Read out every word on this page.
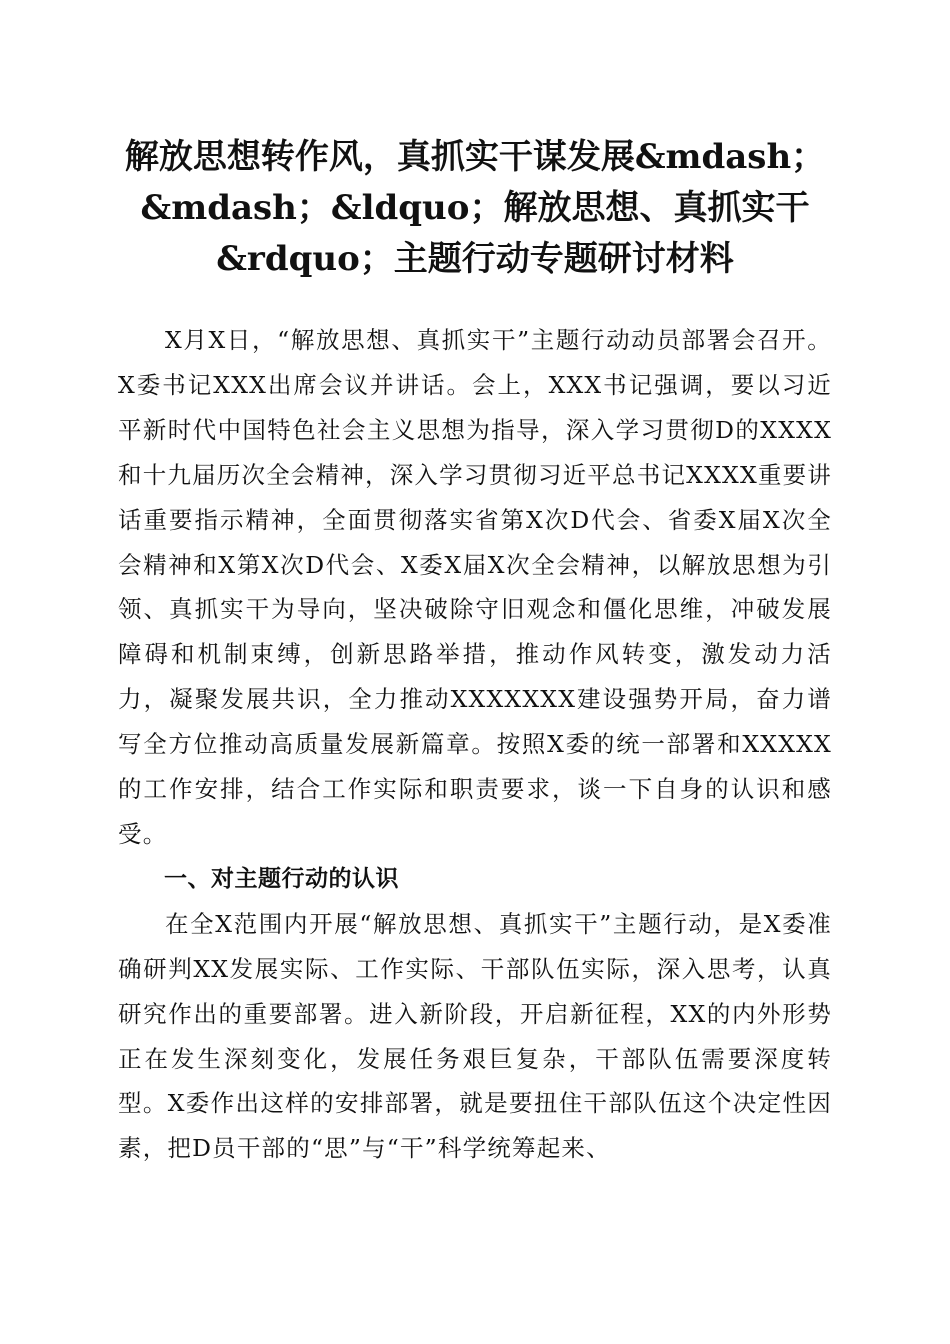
解放思想转作风，真抓实干谋发展&mdash；
&mdash；&ldquo；解放思想、真抓实干
&rdquo；主题行动专题研讨材料

X月X日，“解放思想、真抓实干”主题行动动员部署会召开。X委书记XXX出席会议并讲话。会上，XXX书记强调，要以习近平新时代中国特色社会主义思想为指导，深入学习贯彻D的XXXX和十九届历次全会精神，深入学习贯彻习近平总书记XXXX重要讲话重要指示精神，全面贯彻落实省第X次D代会、省委X届X次全会精神和X第X次D代会、X委X届X次全会精神，以解放思想为引领、真抓实干为导向，坚决破除守旧观念和僵化思维，冲破发展障碍和机制束缚，创新思路举措，推动作风转变，激发动力活力，凝聚发展共识，全力推动XXXXXXX建设强势开局，奋力谱写全方位推动高质量发展新篇章。按照X委的统一部署和XXXXX的工作安排，结合工作实际和职责要求，谈一下自身的认识和感受。

一、对主题行动的认识

在全X范围内开展“解放思想、真抓实干”主题行动，是X委准确研判XX发展实际、工作实际、干部队伍实际，深入思考，认真研究作出的重要部署。进入新阶段，开启新征程，XX的内外形势正在发生深刻变化，发展任务艰巨复杂，干部队伍需要深度转型。X委作出这样的安排部署，就是要扭住干部队伍这个决定性因素，把D员干部的“思”与“干”科学统筹起来、
